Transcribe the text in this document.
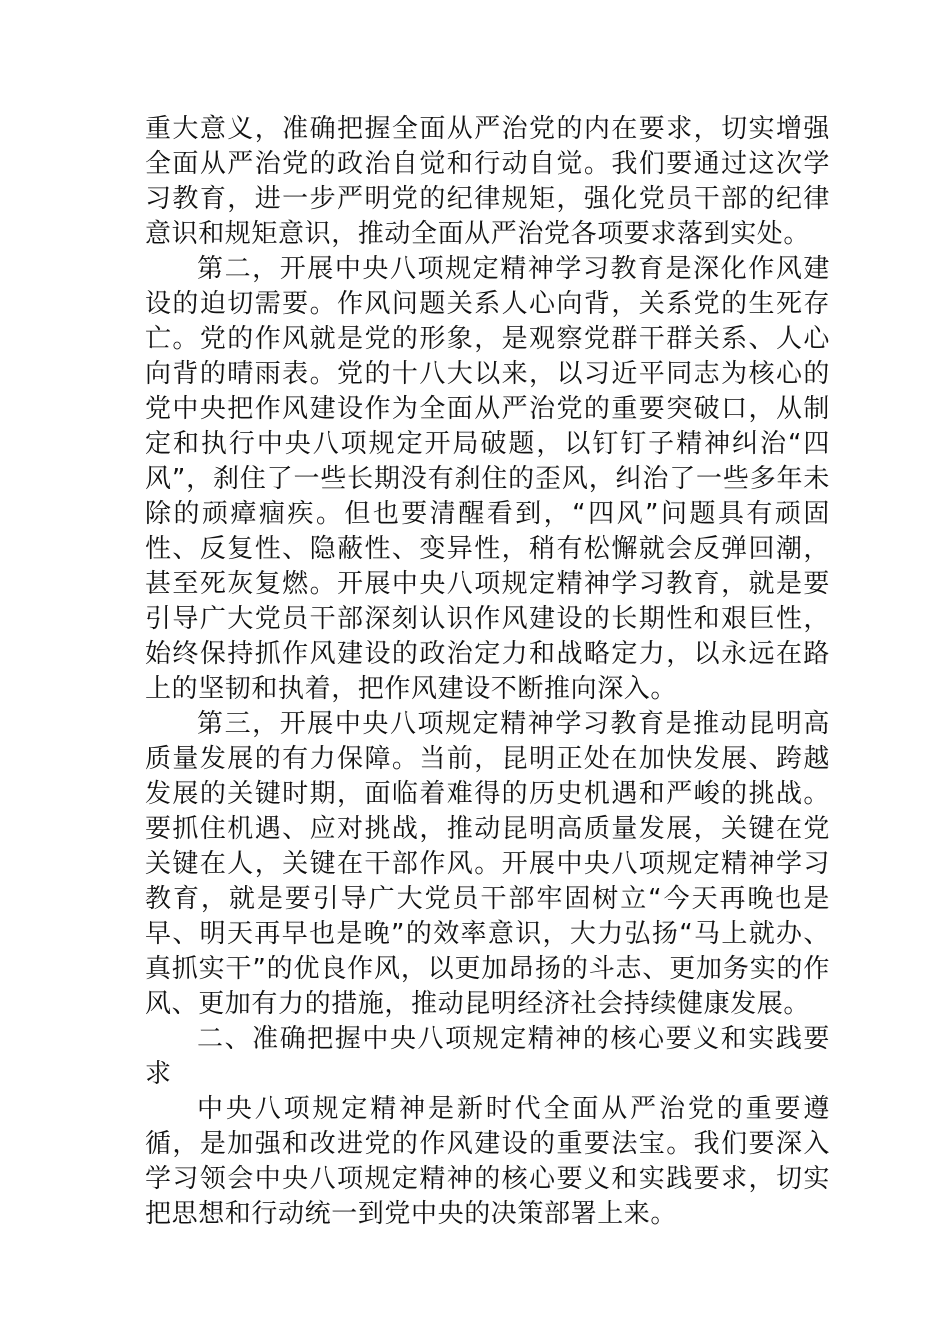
重大意义，准确把握全面从严治党的内在要求，切实增强全面从严治党的政治自觉和行动自觉。我们要通过这次学习教育，进一步严明党的纪律规矩，强化党员干部的纪律意识和规矩意识，推动全面从严治党各项要求落到实处。

第二，开展中央八项规定精神学习教育是深化作风建设的迫切需要。作风问题关系人心向背，关系党的生死存亡。党的作风就是党的形象，是观察党群干群关系、人心向背的晴雨表。党的十八大以来，以习近平同志为核心的党中央把作风建设作为全面从严治党的重要突破口，从制定和执行中央八项规定开局破题，以钉钉子精神纠治“四风”，刹住了一些长期没有刹住的歪风，纠治了一些多年未除的顽瘴痼疾。但也要清醒看到，“四风”问题具有顽固性、反复性、隐蔽性、变异性，稍有松懈就会反弹回潮，甚至死灰复燃。开展中央八项规定精神学习教育，就是要引导广大党员干部深刻认识作风建设的长期性和艰巨性，始终保持抓作风建设的政治定力和战略定力，以永远在路上的坚韧和执着，把作风建设不断推向深入。

第三，开展中央八项规定精神学习教育是推动昆明高质量发展的有力保障。当前，昆明正处在加快发展、跨越发展的关键时期，面临着难得的历史机遇和严峻的挑战。要抓住机遇、应对挑战，推动昆明高质量发展，关键在党关键在人，关键在干部作风。开展中央八项规定精神学习教育，就是要引导广大党员干部牢固树立“今天再晚也是早、明天再早也是晚”的效率意识，大力弘扬“马上就办、真抓实干”的优良作风，以更加昂扬的斗志、更加务实的作风、更加有力的措施，推动昆明经济社会持续健康发展。

二、准确把握中央八项规定精神的核心要义和实践要求

中央八项规定精神是新时代全面从严治党的重要遵循，是加强和改进党的作风建设的重要法宝。我们要深入学习领会中央八项规定精神的核心要义和实践要求，切实把思想和行动统一到党中央的决策部署上来。
